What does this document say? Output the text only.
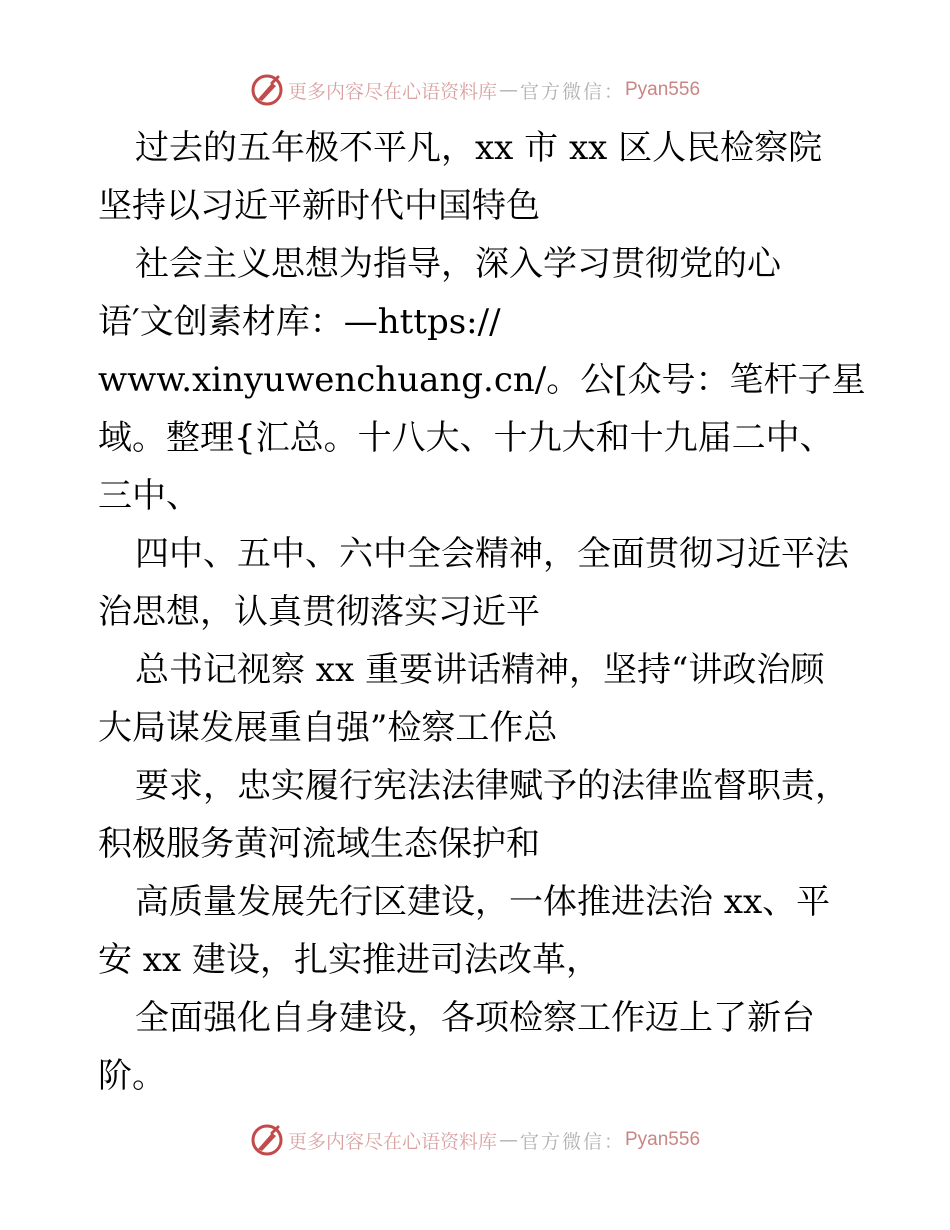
更多内容尽在心语资料库 — 官方微信： Pyan556
过去的五年极不平凡，xx 市 xx 区人民检察院
坚持以习近平新时代中国特色
社会主义思想为指导，深入学习贯彻党的心
语′文创素材库：—https://
www.xinyuwenchuang.cn/。公[众号：笔杆子星
域。整理{汇总。十八大、十九大和十九届二中、
三中、
四中、五中、六中全会精神，全面贯彻习近平法
治思想，认真贯彻落实习近平
总书记视察 xx 重要讲话精神，坚持“讲政治顾
大局谋发展重自强”检察工作总
要求，忠实履行宪法法律赋予的法律监督职责，
积极服务黄河流域生态保护和
高质量发展先行区建设，一体推进法治 xx、平
安 xx 建设，扎实推进司法改革，
全面强化自身建设，各项检察工作迈上了新台
阶。
更多内容尽在心语资料库 — 官方微信： Pyan556
